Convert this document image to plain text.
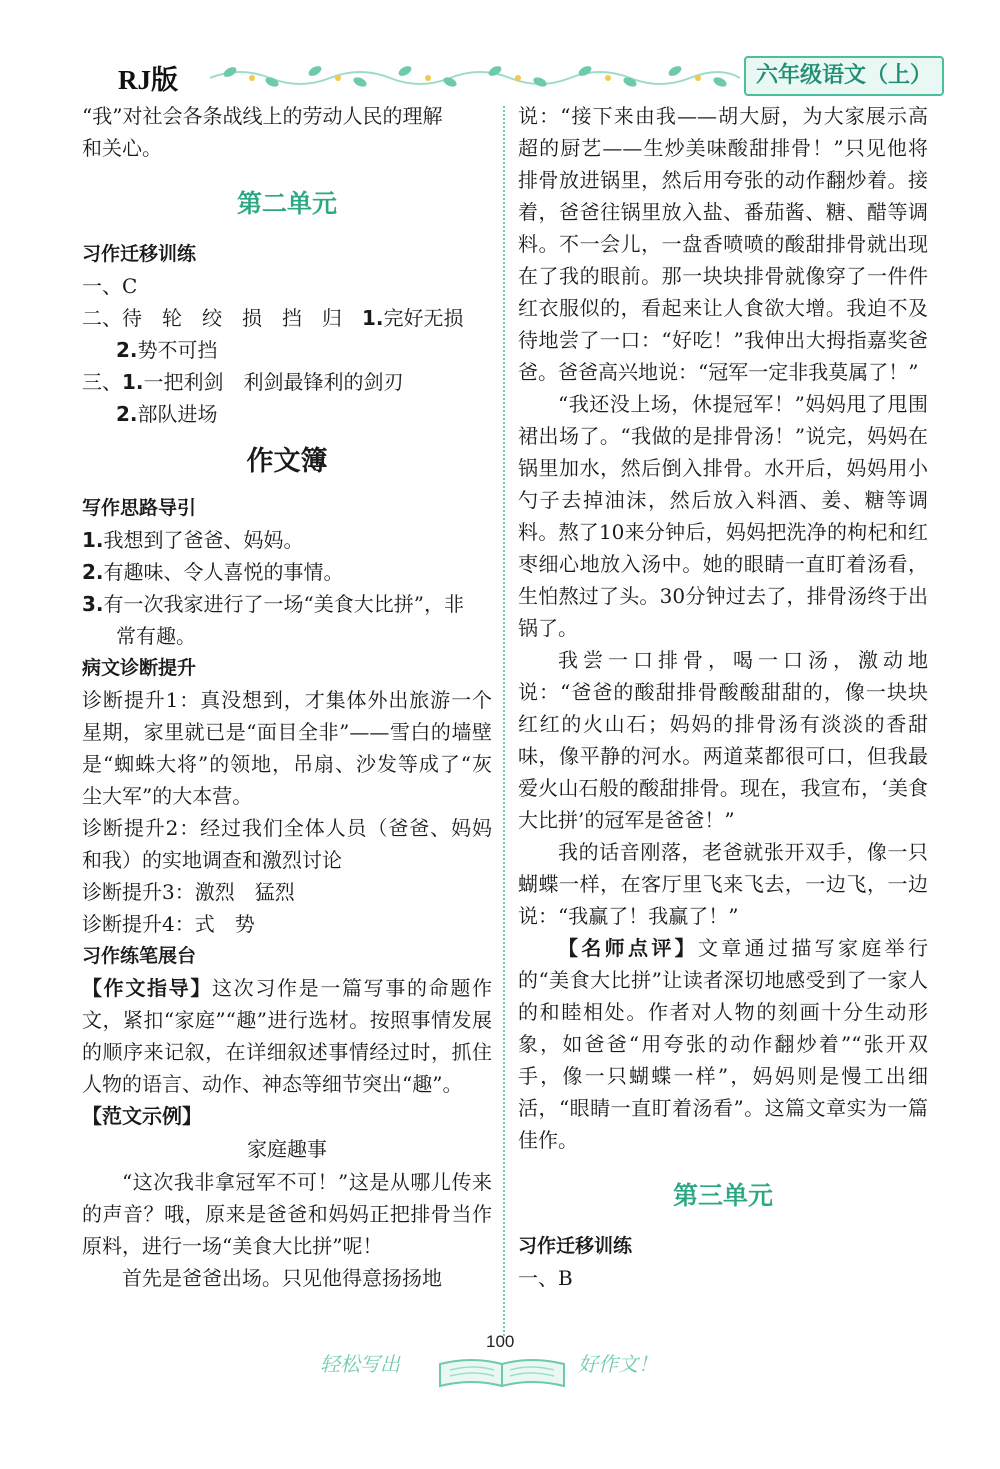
RJ版	六年级语文（上）

“我”对社会各条战线上的劳动人民的理解

和关心。

第二单元
习作迁移训练

一、C

二、待　轮　绞　损　挡　归　1.完好无损

2.势不可挡

三、1.一把利剑　利剑最锋利的剑刃

2.部队进场

作文簿
写作思路导引

1.我想到了爸爸、妈妈。

2.有趣味、令人喜悦的事情。

3.有一次我家进行了一场“美食大比拼”，非

常有趣。

病文诊断提升

诊断提升1：真没想到，才集体外出旅游一个星期，家里就已是“面目全非”——雪白的墙壁是“蜘蛛大将”的领地，吊扇、沙发等成了“灰尘大军”的大本营。

诊断提升2：经过我们全体人员（爸爸、妈妈和我）的实地调查和激烈讨论

诊断提升3：激烈　猛烈

诊断提升4：式　势

习作练笔展台

【作文指导】这次习作是一篇写事的命题作文，紧扣“家庭”“趣”进行选材。按照事情发展的顺序来记叙，在详细叙述事情经过时，抓住人物的语言、动作、神态等细节突出“趣”。

【范文示例】

家庭趣事

“这次我非拿冠军不可！”这是从哪儿传来的声音？哦，原来是爸爸和妈妈正把排骨当作原料，进行一场“美食大比拼”呢！

首先是爸爸出场。只见他得意扬扬地

说：“接下来由我——胡大厨，为大家展示高超的厨艺——生炒美味酸甜排骨！”只见他将排骨放进锅里，然后用夸张的动作翻炒着。接着，爸爸往锅里放入盐、番茄酱、糖、醋等调料。不一会儿，一盘香喷喷的酸甜排骨就出现在了我的眼前。那一块块排骨就像穿了一件件红衣服似的，看起来让人食欲大增。我迫不及待地尝了一口：“好吃！”我伸出大拇指嘉奖爸爸。爸爸高兴地说：“冠军一定非我莫属了！”

“我还没上场，休提冠军！”妈妈甩了甩围裙出场了。“我做的是排骨汤！”说完，妈妈在锅里加水，然后倒入排骨。水开后，妈妈用小勺子去掉油沫，然后放入料酒、姜、糖等调料。熬了10来分钟后，妈妈把洗净的枸杞和红枣细心地放入汤中。她的眼睛一直盯着汤看，生怕熬过了头。30分钟过去了，排骨汤终于出锅了。

我尝一口排骨，喝一口汤，激动地说：“爸爸的酸甜排骨酸酸甜甜的，像一块块红红的火山石；妈妈的排骨汤有淡淡的香甜味，像平静的河水。两道菜都很可口，但我最爱火山石般的酸甜排骨。现在，我宣布，‘美食大比拼’的冠军是爸爸！”

我的话音刚落，老爸就张开双手，像一只蝴蝶一样，在客厅里飞来飞去，一边飞，一边说：“我赢了！我赢了！”

【名师点评】文章通过描写家庭举行的“美食大比拼”让读者深切地感受到了一家人的和睦相处。作者对人物的刻画十分生动形象，如爸爸“用夸张的动作翻炒着”“张开双手，像一只蝴蝶一样”，妈妈则是慢工出细活，“眼睛一直盯着汤看”。这篇文章实为一篇佳作。

第三单元
习作迁移训练

一、B

100
轻松写出	好作文！
